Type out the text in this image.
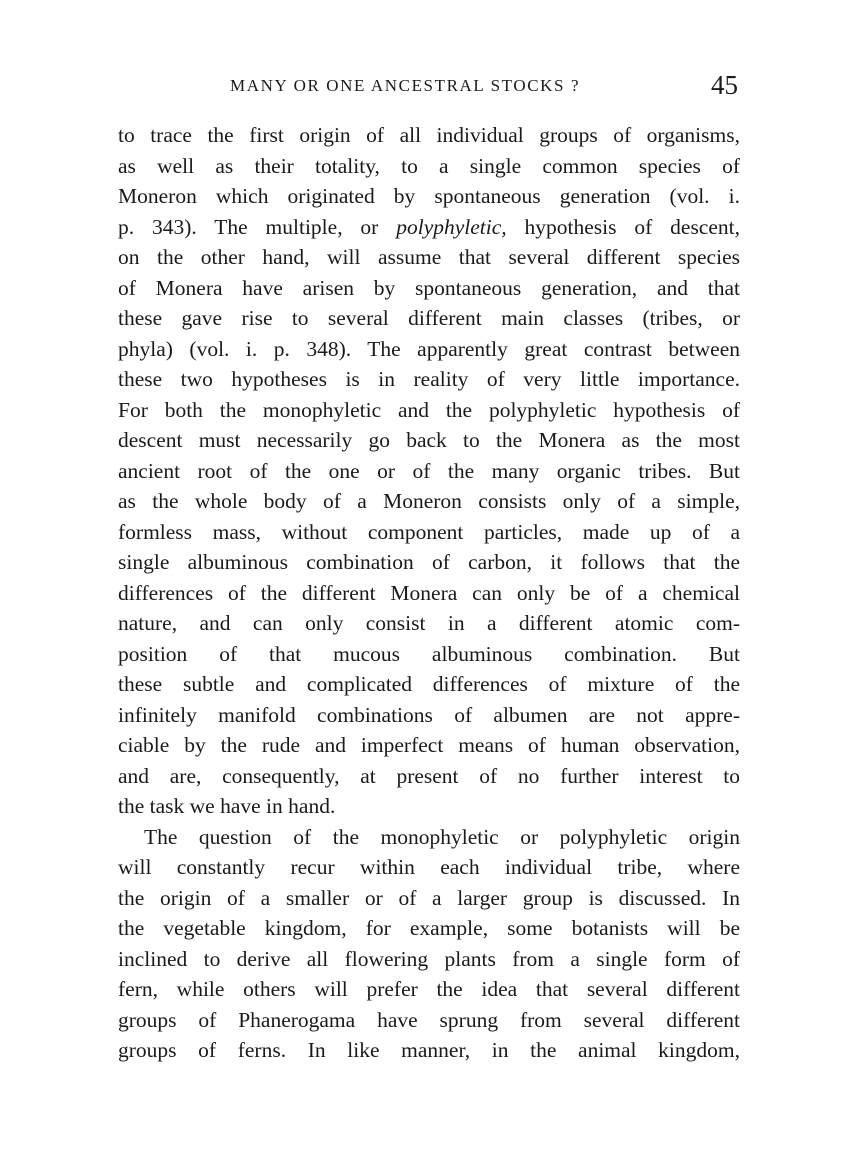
MANY OR ONE ANCESTRAL STOCKS ?	45
to trace the first origin of all individual groups of organisms,
as well as their totality, to a single common species of
Moneron which originated by spontaneous generation (vol. i.
p. 343). The multiple, or polyphyletic, hypothesis of descent,
on the other hand, will assume that several different species
of Monera have arisen by spontaneous generation, and that
these gave rise to several different main classes (tribes, or
phyla) (vol. i. p. 348). The apparently great contrast between
these two hypotheses is in reality of very little importance.
For both the monophyletic and the polyphyletic hypothesis of
descent must necessarily go back to the Monera as the most
ancient root of the one or of the many organic tribes. But
as the whole body of a Moneron consists only of a simple,
formless mass, without component particles, made up of a
single albuminous combination of carbon, it follows that the
differences of the different Monera can only be of a chemical
nature, and can only consist in a different atomic com-
position of that mucous albuminous combination. But
these subtle and complicated differences of mixture of the
infinitely manifold combinations of albumen are not appre-
ciable by the rude and imperfect means of human observation,
and are, consequently, at present of no further interest to
the task we have in hand.
The question of the monophyletic or polyphyletic origin
will constantly recur within each individual tribe, where
the origin of a smaller or of a larger group is discussed. In
the vegetable kingdom, for example, some botanists will be
inclined to derive all flowering plants from a single form of
fern, while others will prefer the idea that several different
groups of Phanerogama have sprung from several different
groups of ferns. In like manner, in the animal kingdom,
